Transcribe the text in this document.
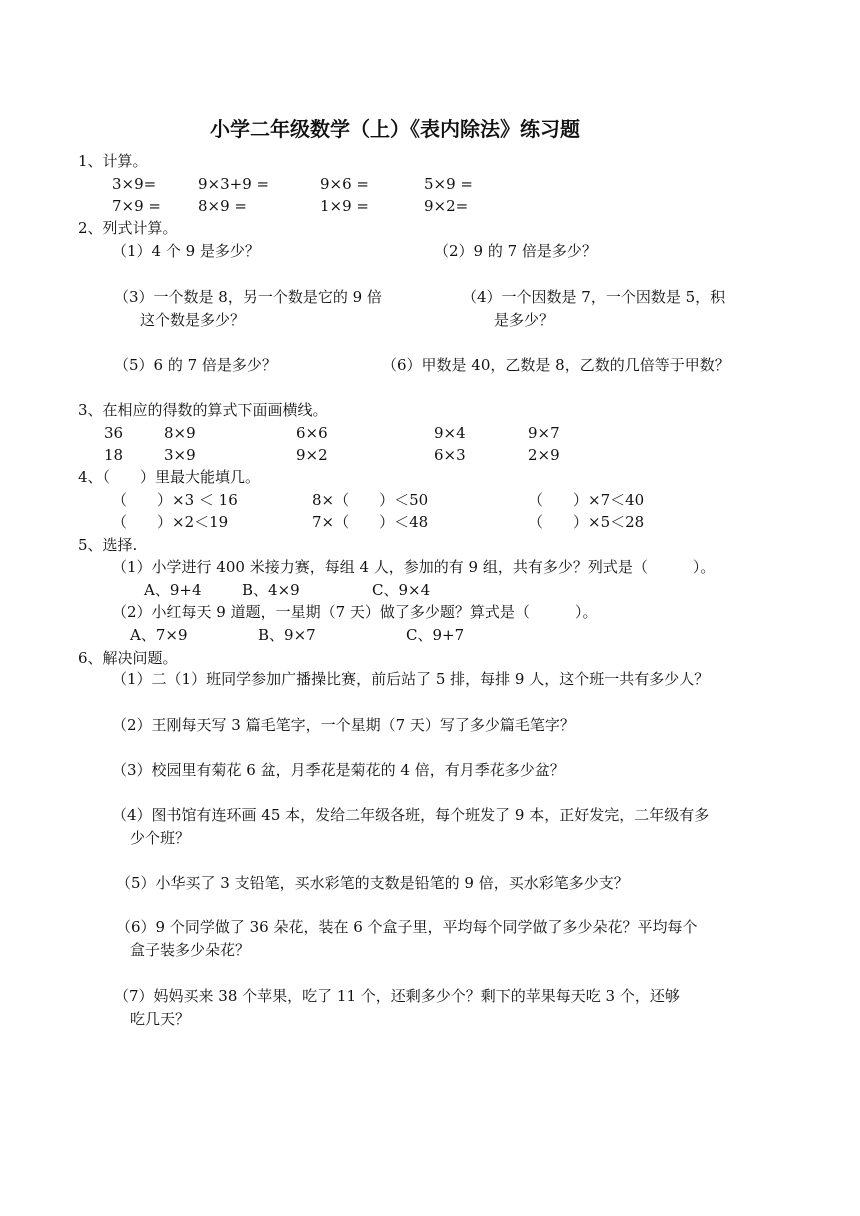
小学二年级数学（上）《表内除法》练习题
1、计算。
3×9=	9×3+9 =	9×6 =	5×9 =
7×9 = 8×9 =	1×9 =	9×2=
2、列式计算。
（1）4 个 9 是多少？	（2）9 的 7 倍是多少？
（3）一个数是 8，另一个数是它的 9 倍
这个数是多少？
（4）一个因数是 7，一个因数是 5，积
是多少？
（5）6 的 7 倍是多少？	（6）甲数是 40，乙数是 8，乙数的几倍等于甲数？
3、在相应的得数的算式下面画横线。
36	8×9	6×6	9×4	9×7
18	3×9	9×2	6×3	2×9
4、（　　）里最大能填几。
（　　）×3 ＜ 16	8×（　　）＜50	（　　）×7＜40
（　　）×2＜19	7×（　　）＜48	（　　）×5＜28
5、选择.
（1）小学进行 400 米接力赛，每组 4 人，参加的有 9 组，共有多少？列式是（　　　）。
A、9+4	B、4×9	C、9×4
（2）小红每天 9 道题，一星期（7 天）做了多少题？算式是（　　　）。
A、7×9	B、9×7	C、9+7
6、解决问题。
（1）二（1）班同学参加广播操比赛，前后站了 5 排，每排 9 人，这个班一共有多少人？
（2）王刚每天写 3 篇毛笔字，一个星期（7 天）写了多少篇毛笔字？
（3）校园里有菊花 6 盆，月季花是菊花的 4 倍，有月季花多少盆？
（4）图书馆有连环画 45 本，发给二年级各班，每个班发了 9 本，正好发完，二年级有多
少个班？
（5）小华买了 3 支铅笔，买水彩笔的支数是铅笔的 9 倍，买水彩笔多少支？
（6）9 个同学做了 36 朵花，装在 6 个盒子里，平均每个同学做了多少朵花？平均每个
盒子装多少朵花？
（7）妈妈买来 38 个苹果，吃了 11 个，还剩多少个？剩下的苹果每天吃 3 个，还够
吃几天？
